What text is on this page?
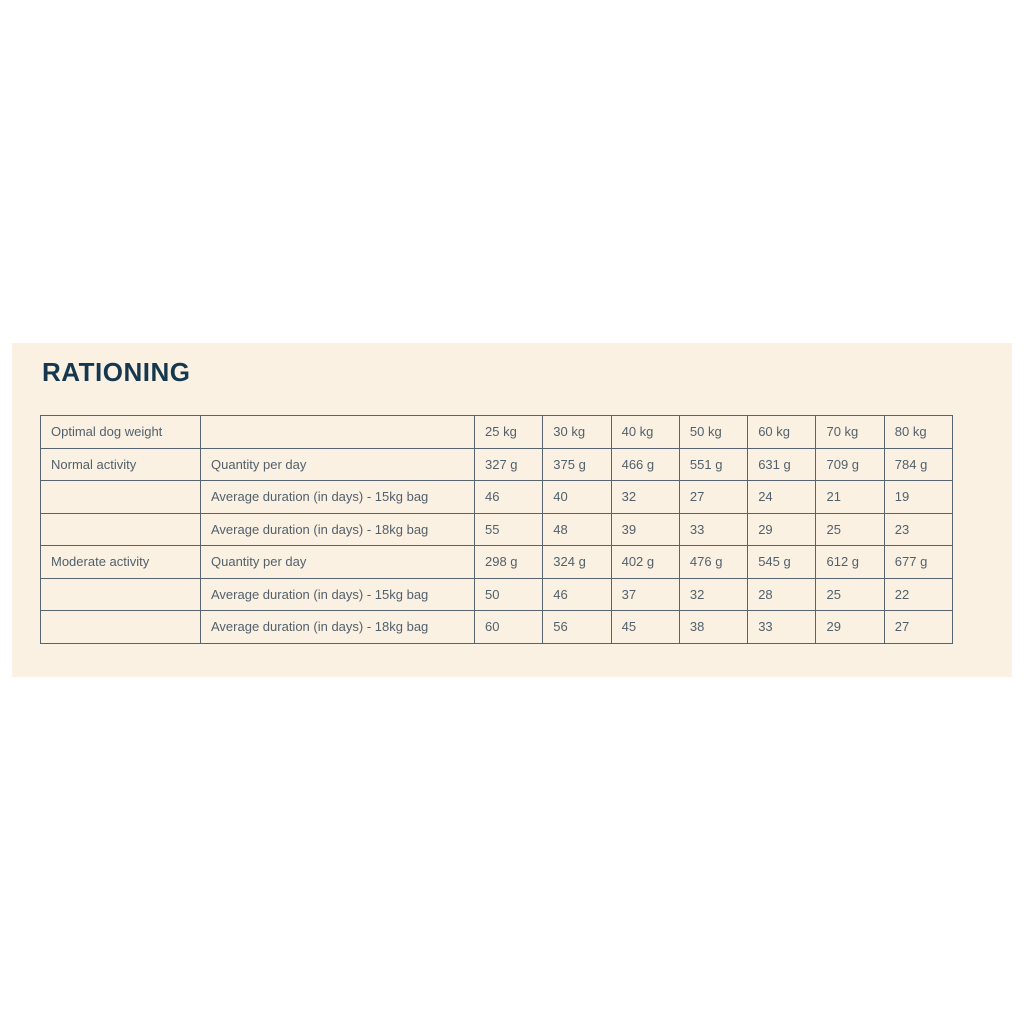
RATIONING
Optimal dog weight		25 kg	30 kg	40 kg	50 kg	60 kg	70 kg	80 kg
Normal activity	Quantity per day	327 g	375 g	466 g	551 g	631 g	709 g	784 g
	Average duration (in days) - 15kg bag	46	40	32	27	24	21	19
	Average duration (in days) - 18kg bag	55	48	39	33	29	25	23
Moderate activity	Quantity per day	298 g	324 g	402 g	476 g	545 g	612 g	677 g
	Average duration (in days) - 15kg bag	50	46	37	32	28	25	22
	Average duration (in days) - 18kg bag	60	56	45	38	33	29	27
